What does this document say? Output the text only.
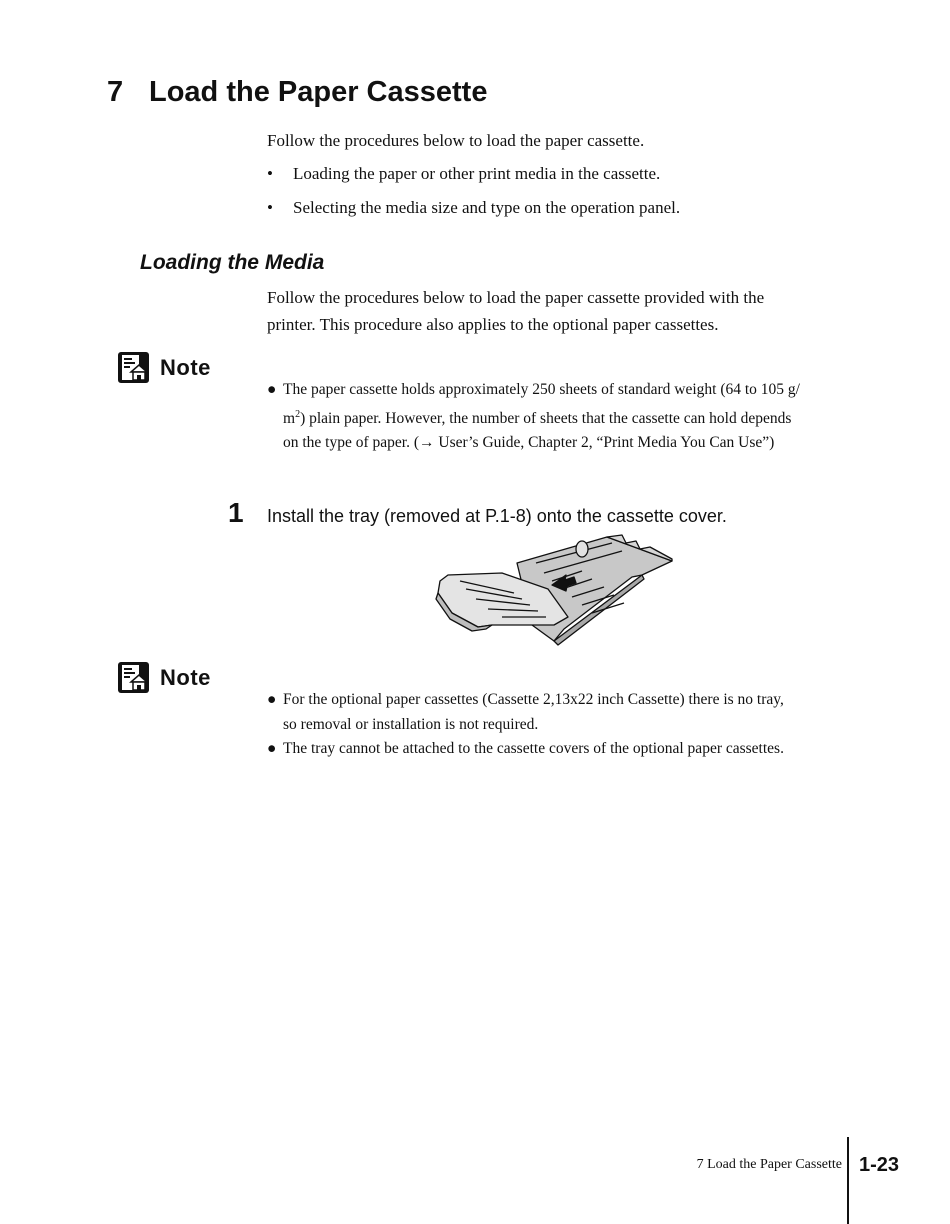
7 Load the Paper Cassette
Follow the procedures below to load the paper cassette.
• Loading the paper or other print media in the cassette.
• Selecting the media size and type on the operation panel.
Loading the Media
Follow the procedures below to load the paper cassette provided with the
printer. This procedure also applies to the optional paper cassettes.
Note
● The paper cassette holds approximately 250 sheets of standard weight (64 to 105 g/
$m^2$) plain paper. However, the number of sheets that the cassette can hold depends
on the type of paper. (→ User’s Guide, Chapter 2, “Print Media You Can Use”)
1 Install the tray (removed at P.1-8) onto the cassette cover.
Note
● For the optional paper cassettes (Cassette 2,13x22 inch Cassette) there is no tray,
so removal or installation is not required.
● The tray cannot be attached to the cassette covers of the optional paper cassettes.
7 Load the Paper Cassette 1-23
